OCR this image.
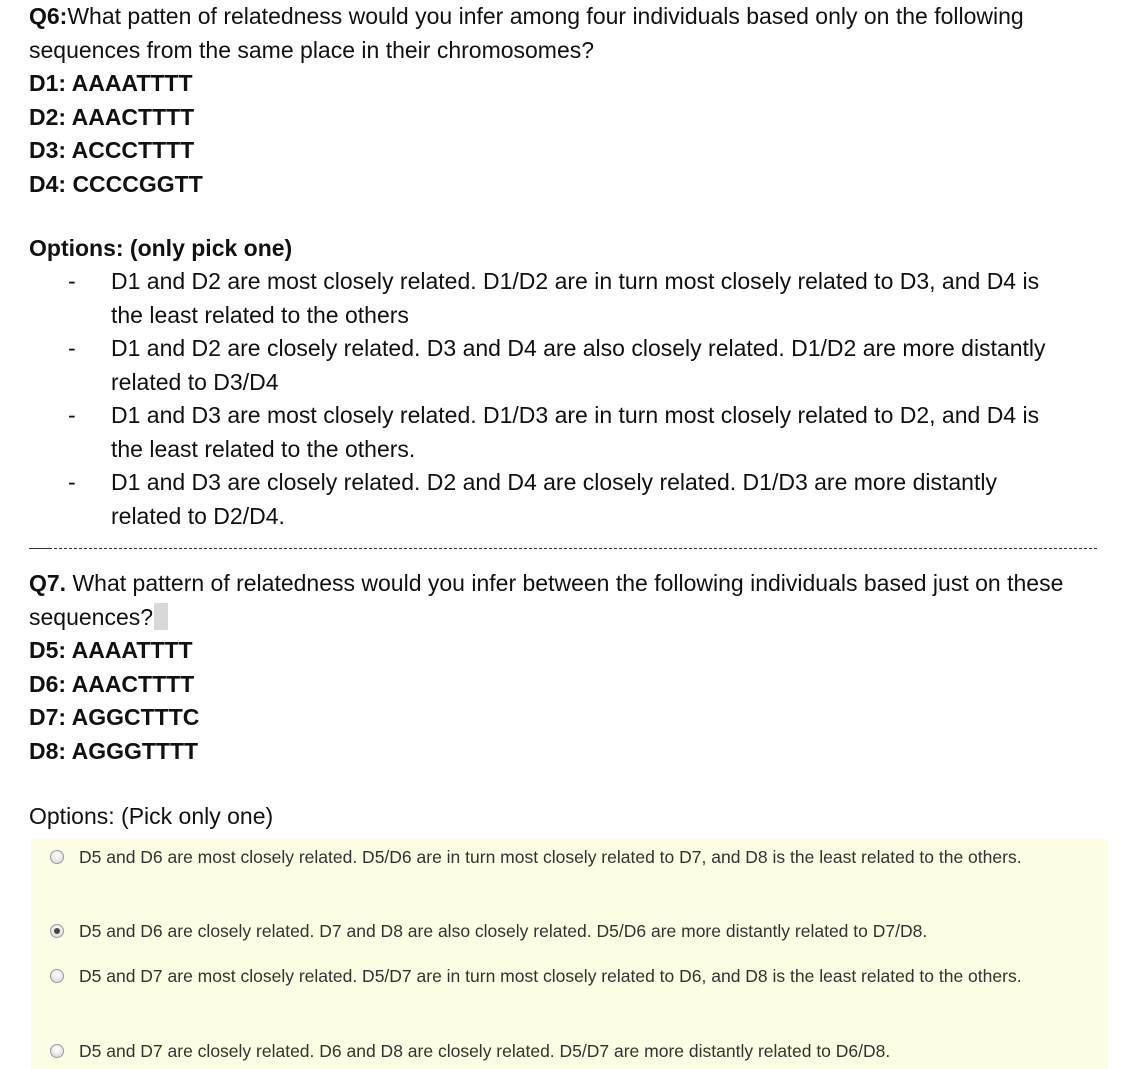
Q6:What patten of relatedness would you infer among four individuals based only on the following sequences from the same place in their chromosomes?

D1: AAAATTTT

D2: AAACTTTT

D3: ACCCTTTT

D4: CCCCGGTT

Options: (only pick one)

- D1 and D2 are most closely related. D1/D2 are in turn most closely related to D3, and D4 is the least related to the others
- D1 and D2 are closely related. D3 and D4 are also closely related. D1/D2 are more distantly related to D3/D4
- D1 and D3 are most closely related. D1/D3 are in turn most closely related to D2, and D4 is the least related to the others.
- D1 and D3 are closely related. D2 and D4 are closely related. D1/D3 are more distantly related to D2/D4.

Q7. What pattern of relatedness would you infer between the following individuals based just on these sequences?

D5: AAAATTTT

D6: AAACTTTT

D7: AGGCTTTC

D8: AGGGTTTT

Options: (Pick only one)

D5 and D6 are most closely related. D5/D6 are in turn most closely related to D7, and D8 is the least related to the others.
D5 and D6 are closely related. D7 and D8 are also closely related. D5/D6 are more distantly related to D7/D8.
D5 and D7 are most closely related. D5/D7 are in turn most closely related to D6, and D8 is the least related to the others.
D5 and D7 are closely related. D6 and D8 are closely related. D5/D7 are more distantly related to D6/D8.
